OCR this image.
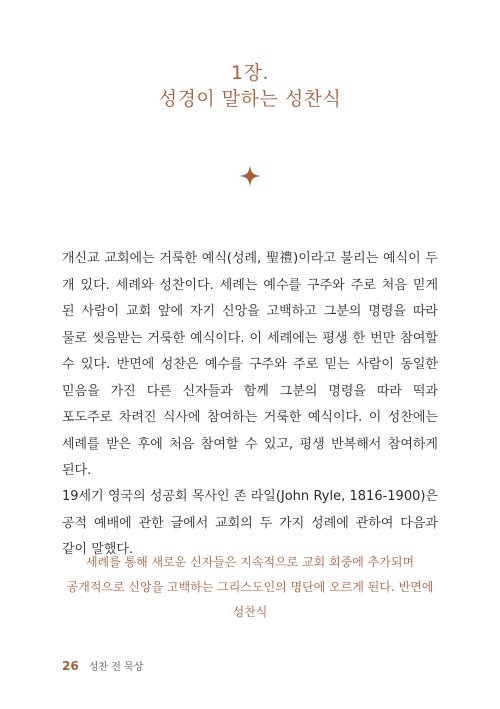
1장.
성경이 말하는 성찬식

개신교 교회에는 거룩한 예식(성례, 聖禮)이라고 불리는 예식이 두 개 있다. 세례와 성찬이다. 세례는 예수를 구주와 주로 처음 믿게 된 사람이 교회 앞에 자기 신앙을 고백하고 그분의 명령을 따라 물로 씻음받는 거룩한 예식이다. 이 세례에는 평생 한 번만 참여할 수 있다. 반면에 성찬은 예수를 구주와 주로 믿는 사람이 동일한 믿음을 가진 다른 신자들과 함께 그분의 명령을 따라 떡과 포도주로 차려진 식사에 참여하는 거룩한 예식이다. 이 성찬에는 세례를 받은 후에 처음 참여할 수 있고, 평생 반복해서 참여하게 된다.

19세기 영국의 성공회 목사인 존 라일(John Ryle, 1816-1900)은 공적 예배에 관한 글에서 교회의 두 가지 성례에 관하여 다음과 같이 말했다.

세례를 통해 새로운 신자들은 지속적으로 교회 회중에 추가되며 공개적으로 신앙을 고백하는 그리스도인의 명단에 오르게 된다. 반면에 성찬식

26 성찬 전 묵상
